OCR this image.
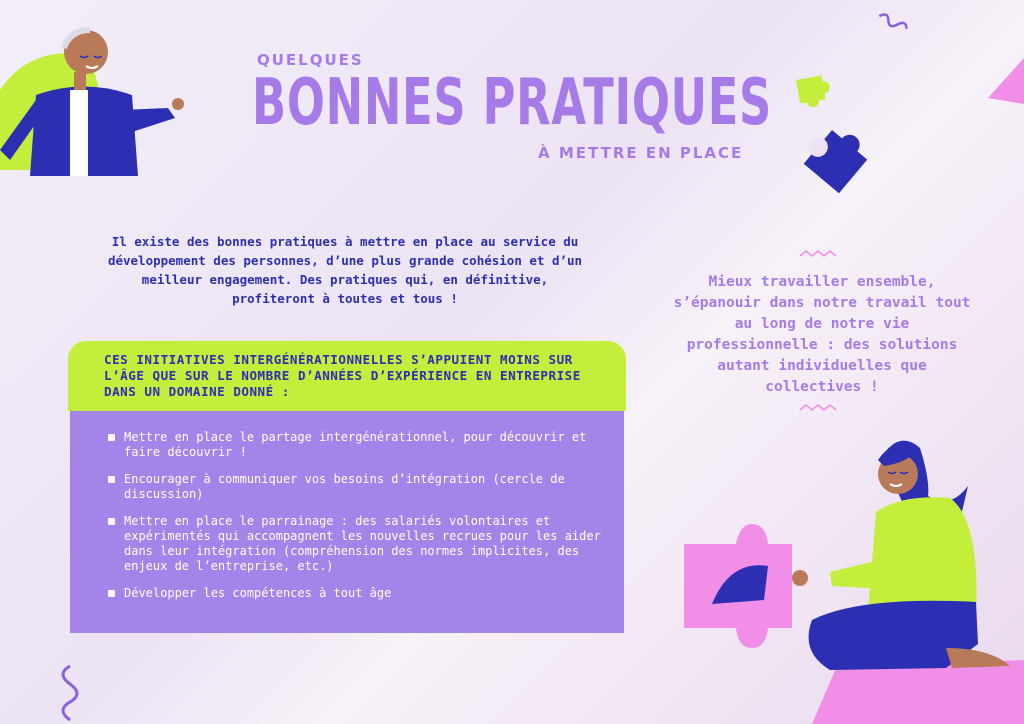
QUELQUES
BONNES PRATIQUES
À METTRE EN PLACE
Il existe des bonnes pratiques à mettre en place au service du développement des personnes, d’une plus grande cohésion et d’un meilleur engagement. Des pratiques qui, en définitive, profiteront à toutes et tous !
CES INITIATIVES INTERGÉNÉRATIONNELLES S’APPUIENT MOINS SUR L’ÂGE QUE SUR LE NOMBRE D’ANNÉES D’EXPÉRIENCE EN ENTREPRISE DANS UN DOMAINE DONNÉ :
Mettre en place le partage intergénérationnel, pour découvrir et faire découvrir !
Encourager à communiquer vos besoins d’intégration (cercle de discussion)
Mettre en place le parrainage : des salariés volontaires et expérimentés qui accompagnent les nouvelles recrues pour les aider dans leur intégration (compréhension des normes implicites, des enjeux de l’entreprise, etc.)
Développer les compétences à tout âge
Mieux travailler ensemble, s’épanouir dans notre travail tout au long de notre vie professionnelle : des solutions autant individuelles que collectives !
